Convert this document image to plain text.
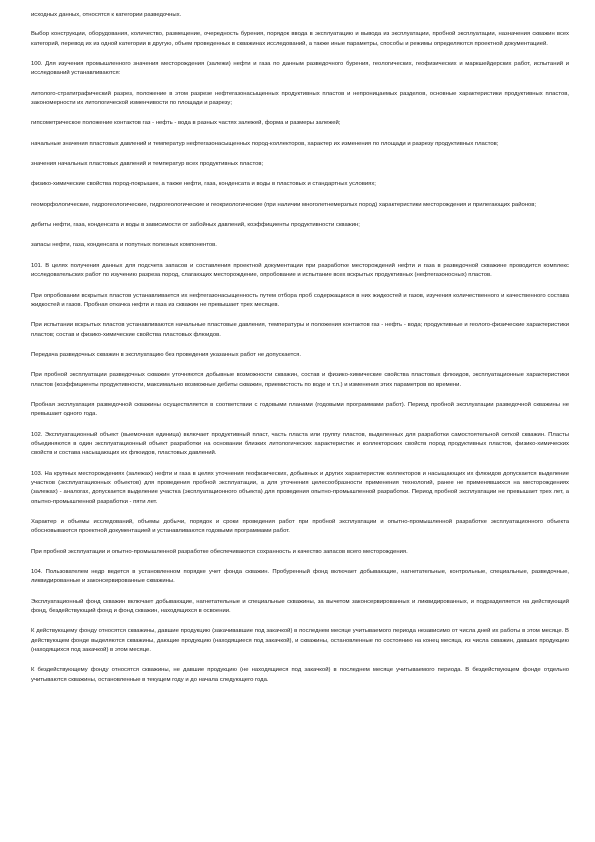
исходных данных, относятся к категории разведочных.

Выбор конструкции, оборудования, количество, размещение, очередность бурения, порядок ввода в эксплуатацию и вывода из эксплуатации, пробной эксплуатации, назначения скважин всех категорий, перевод их из одной категории в другую, объем проведенных в скважинах исследований, а также иные параметры, способы и режимы определяются проектной документацией.

100. Для изучения промышленного значения месторождения (залежи) нефти и газа по данным разведочного бурения, геологических, геофизических и маркшейдерских работ, испытаний и исследований устанавливаются:

литолого-стратиграфический разрез, положение в этом разрезе нефтегазонасыщенных продуктивных пластов и непроницаемых разделов, основные характеристики продуктивных пластов, закономерности их литологической изменчивости по площади и разрезу;

гипсометрическое положение контактов газ - нефть - вода в разных частях залежей, форма и размеры залежей;

начальные значения пластовых давлений и температур нефтегазонасыщенных пород-коллекторов, характер их изменения по площади и разрезу продуктивных пластов;

значения начальных пластовых давлений и температур всех продуктивных пластов;

физико-химические свойства пород-покрышек, а также нефти, газа, конденсата и воды в пластовых и стандартных условиях;

геоморфологические, гидрогеологические, гидрогеологические и геокриологические (при наличии многолетнемерзлых пород) характеристики месторождения и прилегающих районов;

дебиты нефти, газа, конденсата и воды в зависимости от забойных давлений, коэффициенты продуктивности скважин;

запасы нефти, газа, конденсата и попутных полезных компонентов.

101. В целях получения данных для подсчета запасов и составления проектной документации при разработке месторождений нефти и газа в разведочной скважине проводится комплекс исследовательских работ по изучению разреза пород, слагающих месторождение, опробование и испытание всех вскрытых продуктивных (нефтегазоносных) пластов.

При опробовании вскрытых пластов устанавливается их нефтегазонасыщенность путем отбора проб содержащихся в них жидкостей и газов, изучения количественного и качественного состава жидкостей и газов. Пробная откачка нефти и газа из скважин не превышает трех месяцев.

При испытании вскрытых пластов устанавливаются начальные пластовые давления, температуры и положения контактов газ - нефть - вода; продуктивные и геолого-физические характеристики пластов; состав и физико-химические свойства пластовых флюидов.

Передача разведочных скважин в эксплуатацию без проведения указанных работ не допускается.

При пробной эксплуатации разведочных скважин уточняются добывные возможности скважин, состав и физико-химические свойства пластовых флюидов, эксплуатационные характеристики пластов (коэффициенты продуктивности, максимально возможные дебиты скважин, приемистость по воде и т.п.) и изменения этих параметров во времени.

Пробная эксплуатация разведочной скважины осуществляется в соответствии с годовыми планами (годовыми программами работ). Период пробной эксплуатации разведочной скважины не превышает одного года.

102. Эксплуатационный объект (выемочная единица) включает продуктивный пласт, часть пласта или группу пластов, выделенных для разработки самостоятельной сеткой скважин. Пласты объединяются в один эксплуатационный объект разработки на основании близких литологических характеристик и коллекторских свойств пород продуктивных пластов, физико-химических свойств и состава насыщающих их флюидов, пластовых давлений.

103. На крупных месторождениях (залежах) нефти и газа в целях уточнения геофизических, добывных и других характеристик коллекторов и насыщающих их флюидов допускается выделение участков (эксплуатационных объектов) для проведения пробной эксплуатации, а для уточнения целесообразности применения технологий, ранее не применявшихся на месторождениях (залежах) - аналогах, допускается выделение участка (эксплуатационного объекта) для проведения опытно-промышленной разработки. Период пробной эксплуатации не превышает трех лет, а опытно-промышленной разработки - пяти лет.

Характер и объемы исследований, объемы добычи, порядок и сроки проведения работ при пробной эксплуатации и опытно-промышленной разработке эксплуатационного объекта обосновываются проектной документацией и устанавливаются годовыми программами работ.

При пробной эксплуатации и опытно-промышленной разработке обеспечиваются сохранность и качество запасов всего месторождения.

104. Пользователем недр ведется в установленном порядке учет фонда скважин. Пробуренный фонд включает добывающие, нагнетательные, контрольные, специальные, разведочные, ликвидированные и законсервированные скважины.

Эксплуатационный фонд скважин включает добывающие, нагнетательные и специальные скважины, за вычетом законсервированных и ликвидированных, и подразделяется на действующий фонд, бездействующий фонд и фонд скважин, находящихся в освоении.

К действующему фонду относятся скважины, давшие продукцию (закачивавшие под закачкой) в последнем месяце учитываемого периода независимо от числа дней их работы в этом месяце. В действующем фонде выделяются скважины, дающие продукцию (находящиеся под закачкой), и скважины, остановленные по состоянию на конец месяца, из числа скважин, давших продукцию (находящихся под закачкой) в этом месяце.

К бездействующему фонду относятся скважины, не давшие продукцию (не находящиеся под закачкой) в последнем месяце учитываемого периода. В бездействующем фонде отдельно учитываются скважины, остановленные в текущем году и до начала следующего года.
